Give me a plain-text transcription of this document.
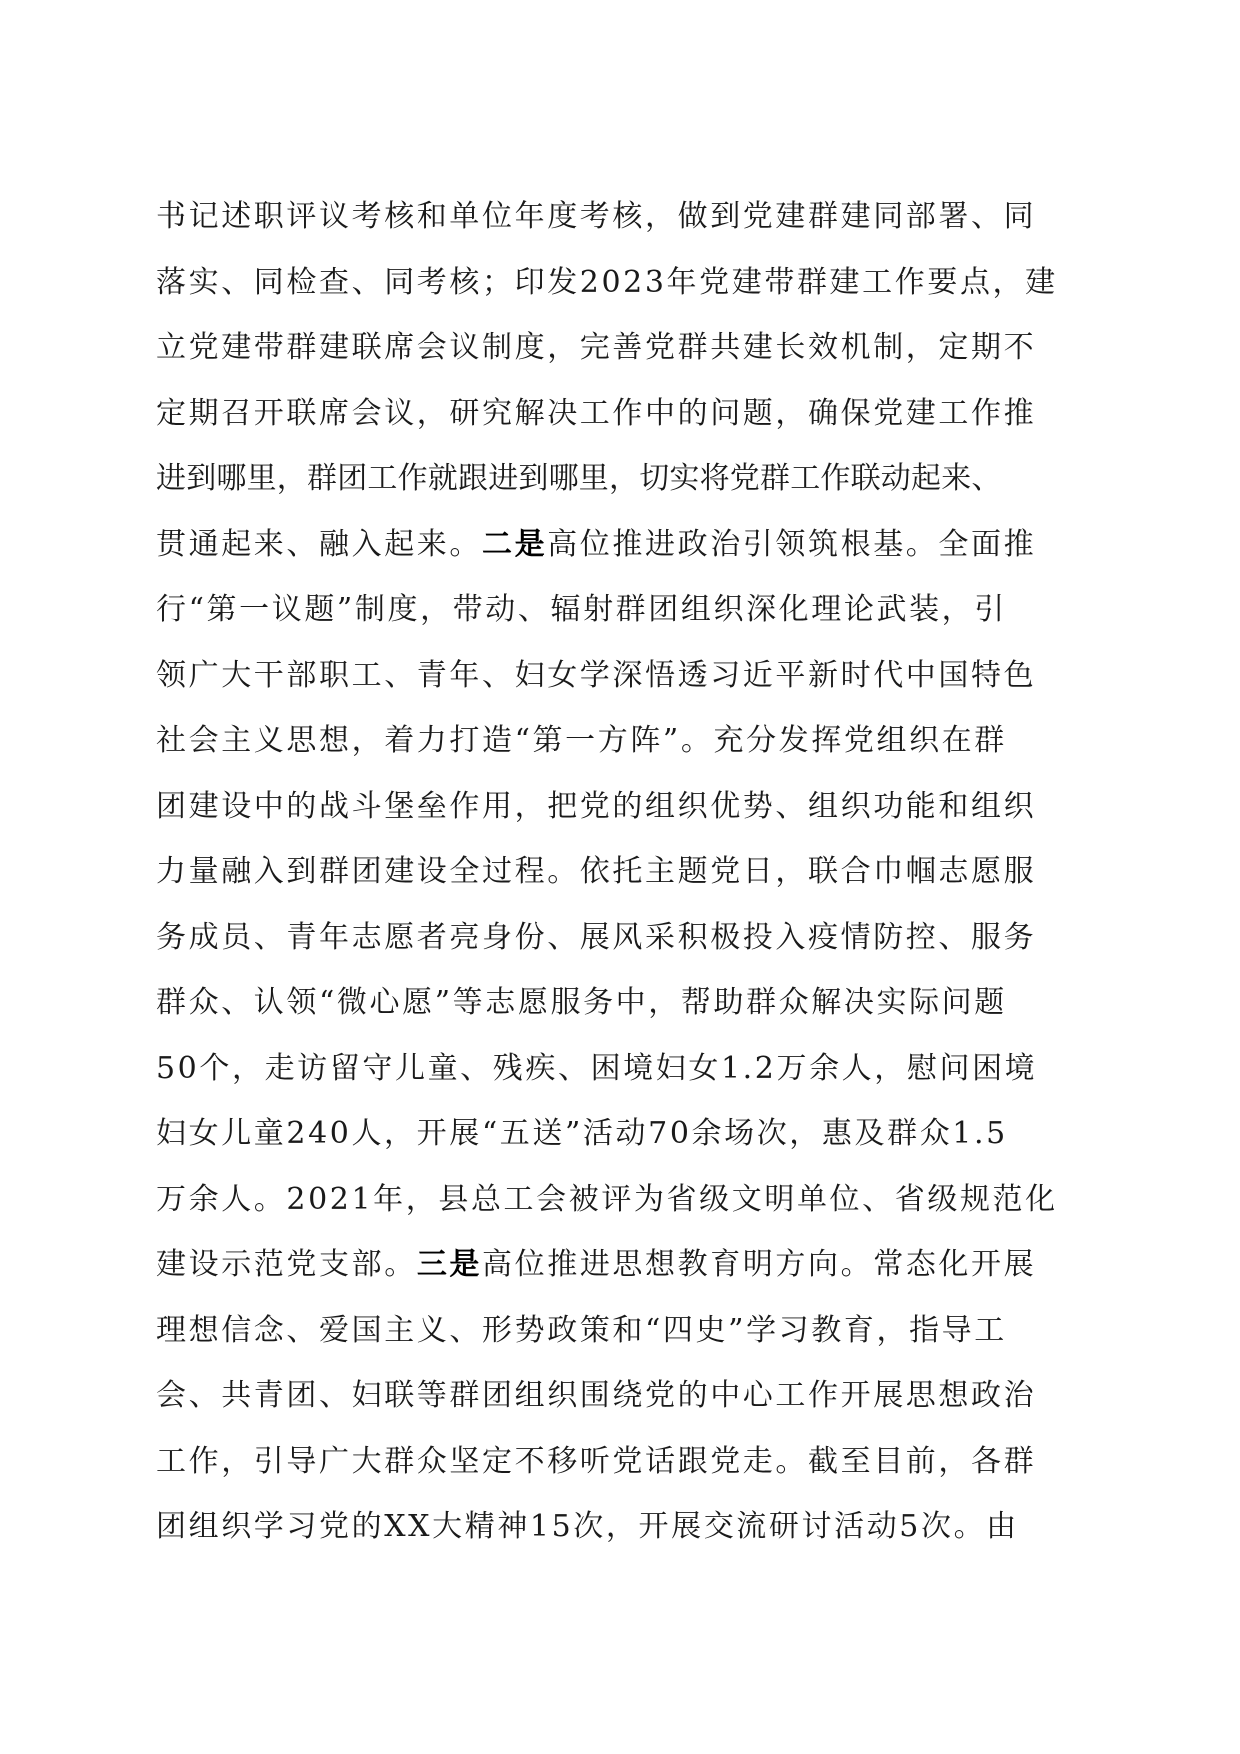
书记述职评议考核和单位年度考核，做到党建群建同部署、同
落实、同检查、同考核；印发2023年党建带群建工作要点，建
立党建带群建联席会议制度，完善党群共建长效机制，定期不
定期召开联席会议，研究解决工作中的问题，确保党建工作推
进到哪里，群团工作就跟进到哪里，切实将党群工作联动起来、
贯通起来、融入起来。二是高位推进政治引领筑根基。全面推
行“第一议题”制度，带动、辐射群团组织深化理论武装，引
领广大干部职工、青年、妇女学深悟透习近平新时代中国特色
社会主义思想，着力打造“第一方阵”。充分发挥党组织在群
团建设中的战斗堡垒作用，把党的组织优势、组织功能和组织
力量融入到群团建设全过程。依托主题党日，联合巾帼志愿服
务成员、青年志愿者亮身份、展风采积极投入疫情防控、服务
群众、认领“微心愿”等志愿服务中，帮助群众解决实际问题
50个，走访留守儿童、残疾、困境妇女1.2万余人，慰问困境
妇女儿童240人，开展“五送”活动70余场次，惠及群众1.5
万余人。2021年，县总工会被评为省级文明单位、省级规范化
建设示范党支部。三是高位推进思想教育明方向。常态化开展
理想信念、爱国主义、形势政策和“四史”学习教育，指导工
会、共青团、妇联等群团组织围绕党的中心工作开展思想政治
工作，引导广大群众坚定不移听党话跟党走。截至目前，各群
团组织学习党的XX大精神15次，开展交流研讨活动5次。由
